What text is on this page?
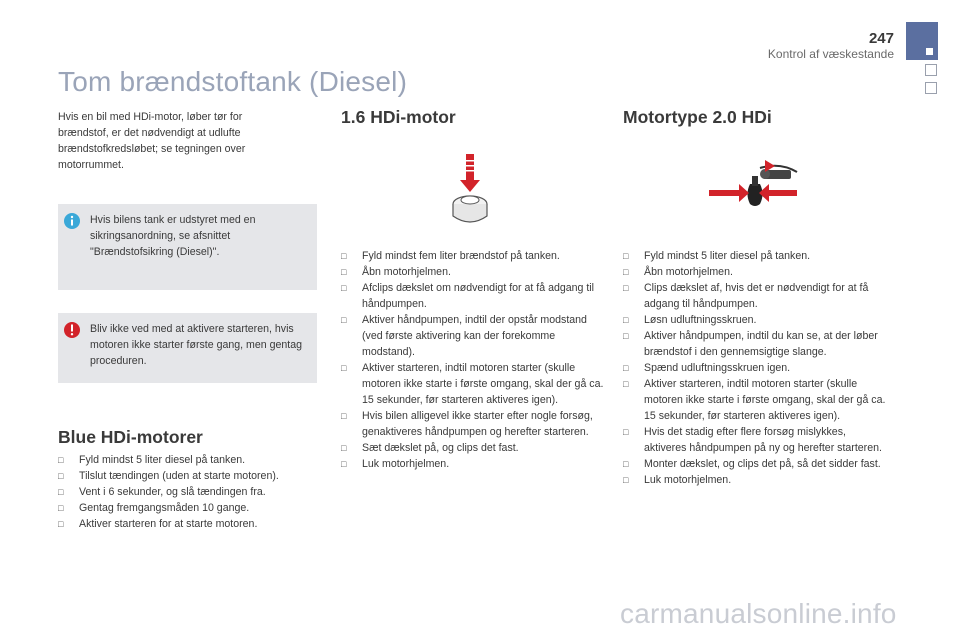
247
Kontrol af væskestande
Tom brændstoftank (Diesel)
Hvis en bil med HDi-motor, løber tør for brændstof, er det nødvendigt at udlufte brændstofkredsløbet; se tegningen over motorrummet.
Hvis bilens tank er udstyret med en sikringsanordning, se afsnittet "Brændstofsikring (Diesel)".
Bliv ikke ved med at aktivere starteren, hvis motoren ikke starter første gang, men gentag proceduren.
Blue HDi-motorer
□ Fyld mindst 5 liter diesel på tanken.
□ Tilslut tændingen (uden at starte motoren).
□ Vent i 6 sekunder, og slå tændingen fra.
□ Gentag fremgangsmåden 10 gange.
□ Aktiver starteren for at starte motoren.
1.6 HDi-motor
□ Fyld mindst fem liter brændstof på tanken.
□ Åbn motorhjelmen.
□ Afclips dækslet om nødvendigt for at få adgang til håndpumpen.
□ Aktiver håndpumpen, indtil der opstår modstand (ved første aktivering kan der forekomme modstand).
□ Aktiver starteren, indtil motoren starter (skulle motoren ikke starte i første omgang, skal der gå ca. 15 sekunder, før starteren aktiveres igen).
□ Hvis bilen alligevel ikke starter efter nogle forsøg, genaktiveres håndpumpen og herefter starteren.
□ Sæt dækslet på, og clips det fast.
□ Luk motorhjelmen.
Motortype 2.0 HDi
□ Fyld mindst 5 liter diesel på tanken.
□ Åbn motorhjelmen.
□ Clips dækslet af, hvis det er nødvendigt for at få adgang til håndpumpen.
□ Løsn udluftningsskruen.
□ Aktiver håndpumpen, indtil du kan se, at der løber brændstof i den gennemsigtige slange.
□ Spænd udluftningsskruen igen.
□ Aktiver starteren, indtil motoren starter (skulle motoren ikke starte i første omgang, skal der gå ca. 15 sekunder, før starteren aktiveres igen).
□ Hvis det stadig efter flere forsøg mislykkes, aktiveres håndpumpen på ny og herefter starteren.
□ Monter dækslet, og clips det på, så det sidder fast.
□ Luk motorhjelmen.
carmanualsonline.info
